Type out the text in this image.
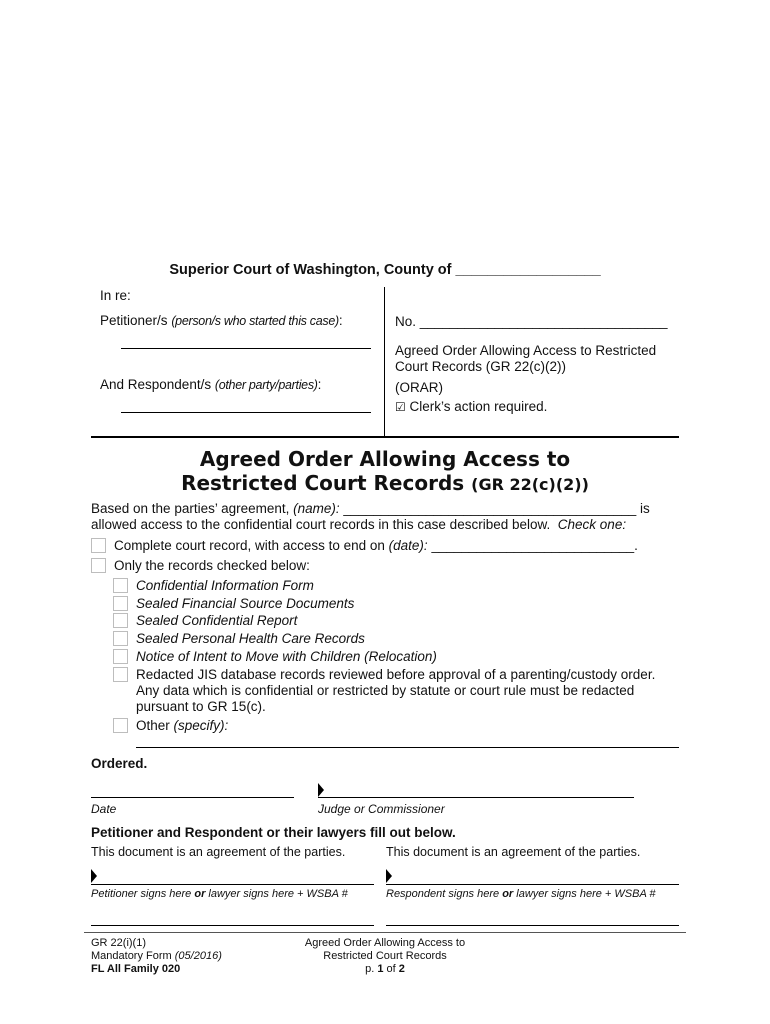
Superior Court of Washington, County of __________________
In re:
Petitioner/s (person/s who started this case):
And Respondent/s (other party/parties):
No. _________________________________
Agreed Order Allowing Access to Restricted
Court Records (GR 22(c)(2))
(ORAR)
☑ Clerk’s action required.
Agreed Order Allowing Access to
Restricted Court Records (GR 22(c)(2))
Based on the parties’ agreement, (name): _______________________________________ is
allowed access to the confidential court records in this case described below. Check one:
Complete court record, with access to end on (date): ___________________________.
Only the records checked below:
Confidential Information Form
Sealed Financial Source Documents
Sealed Confidential Report
Sealed Personal Health Care Records
Notice of Intent to Move with Children (Relocation)
Redacted JIS database records reviewed before approval of a parenting/custody order.
Any data which is confidential or restricted by statute or court rule must be redacted
pursuant to GR 15(c).
Other (specify):
Ordered.
Date	Judge or Commissioner
Petitioner and Respondent or their lawyers fill out below.
This document is an agreement of the parties.	This document is an agreement of the parties.
Petitioner signs here or lawyer signs here + WSBA #	Respondent signs here or lawyer signs here + WSBA #
GR 22(i)(1)
Mandatory Form (05/2016)
FL All Family 020
Agreed Order Allowing Access to
Restricted Court Records
p. 1 of 2
